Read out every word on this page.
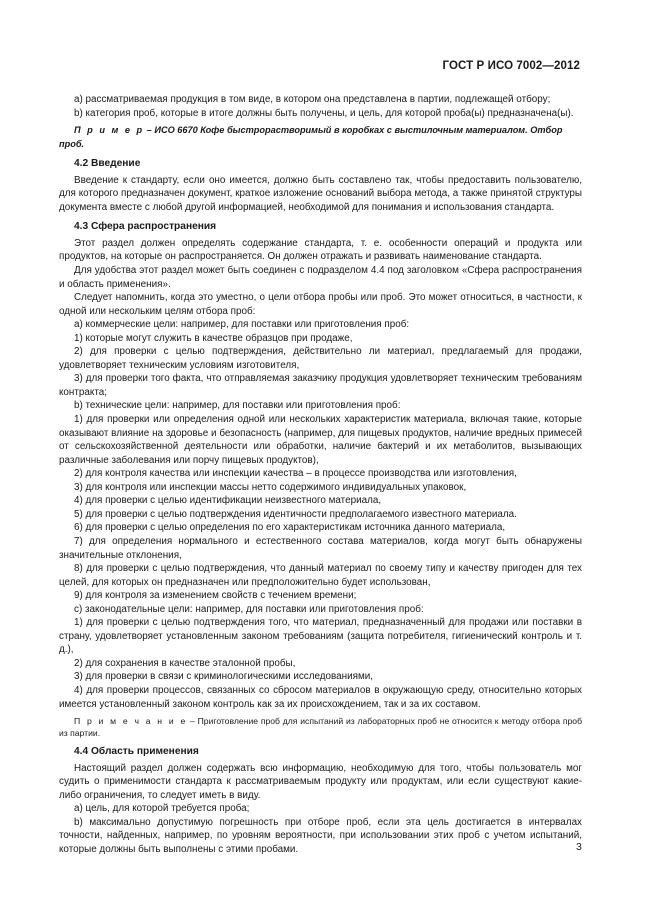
ГОСТ Р ИСО 7002—2012

а) рассматриваемая продукция в том виде, в котором она представлена в партии, подлежащей отбору;

b) категория проб, которые в итоге должны быть получены, и цель, для которой проба(ы) предназначена(ы).

П р и м е р – ИСО 6670 Кофе быстрорастворимый в коробках с выстилочным материалом. Отбор проб.

4.2 Введение

Введение к стандарту, если оно имеется, должно быть составлено так, чтобы предоставить пользователю, для которого предназначен документ, краткое изложение оснований выбора метода, а также принятой структуры документа вместе с любой другой информацией, необходимой для понимания и использования стандарта.

4.3 Сфера распространения

Этот раздел должен определять содержание стандарта, т. е. особенности операций и продукта или продуктов, на которые он распространяется. Он должен отражать и развивать наименование стандарта.

Для удобства этот раздел может быть соединен с подразделом 4.4 под заголовком «Сфера распространения и область применения».

Следует напомнить, когда это уместно, о цели отбора пробы или проб. Это может относиться, в частности, к одной или нескольким целям отбора проб:

а) коммерческие цели: например, для поставки или приготовления проб:

1) которые могут служить в качестве образцов при продаже,

2) для проверки с целью подтверждения, действительно ли материал, предлагаемый для продажи, удовлетворяет техническим условиям изготовителя,

3) для проверки того факта, что отправляемая заказчику продукция удовлетворяет техническим требованиям контракта;

b) технические цели: например, для поставки или приготовления проб:

1) для проверки или определения одной или нескольких характеристик материала, включая такие, которые оказывают влияние на здоровье и безопасность (например, для пищевых продуктов, наличие вредных примесей от сельскохозяйственной деятельности или обработки, наличие бактерий и их метаболитов, вызывающих различные заболевания или порчу пищевых продуктов),

2) для контроля качества или инспекции качества – в процессе производства или изготовления,

3) для контроля или инспекции массы нетто содержимого индивидуальных упаковок,

4) для проверки с целью идентификации неизвестного материала,

5) для проверки с целью подтверждения идентичности предполагаемого известного материала.

6) для проверки с целью определения по его характеристикам источника данного материала,

7) для определения нормального и естественного состава материалов, когда могут быть обнаружены значительные отклонения,

8) для проверки с целью подтверждения, что данный материал по своему типу и качеству пригоден для тех целей, для которых он предназначен или предположительно будет использован,

9) для контроля за изменением свойств с течением времени;

с) законодательные цели: например, для поставки или приготовления проб:

1) для проверки с целью подтверждения того, что материал, предназначенный для продажи или поставки в страну, удовлетворяет установленным законом требованиям (защита потребителя, гигиенический контроль и т. д.),

2) для сохранения в качестве эталонной пробы,

3) для проверки в связи с криминологическими исследованиями,

4) для проверки процессов, связанных со сбросом материалов в окружающую среду, относительно которых имеется установленный законом контроль как за их происхождением, так и за их составом.

П р и м е ч а н и е – Приготовление проб для испытаний из лабораторных проб не относится к методу отбора проб из партии.

4.4 Область применения

Настоящий раздел должен содержать всю информацию, необходимую для того, чтобы пользователь мог судить о применимости стандарта к рассматриваемым продукту или продуктам, или если существуют какие-либо ограничения, то следует иметь в виду.

а) цель, для которой требуется проба;

b) максимально допустимую погрешность при отборе проб, если эта цель достигается в интервалах точности, найденных, например, по уровням вероятности, при использовании этих проб с учетом испытаний, которые должны быть выполнены с этими пробами.	3
